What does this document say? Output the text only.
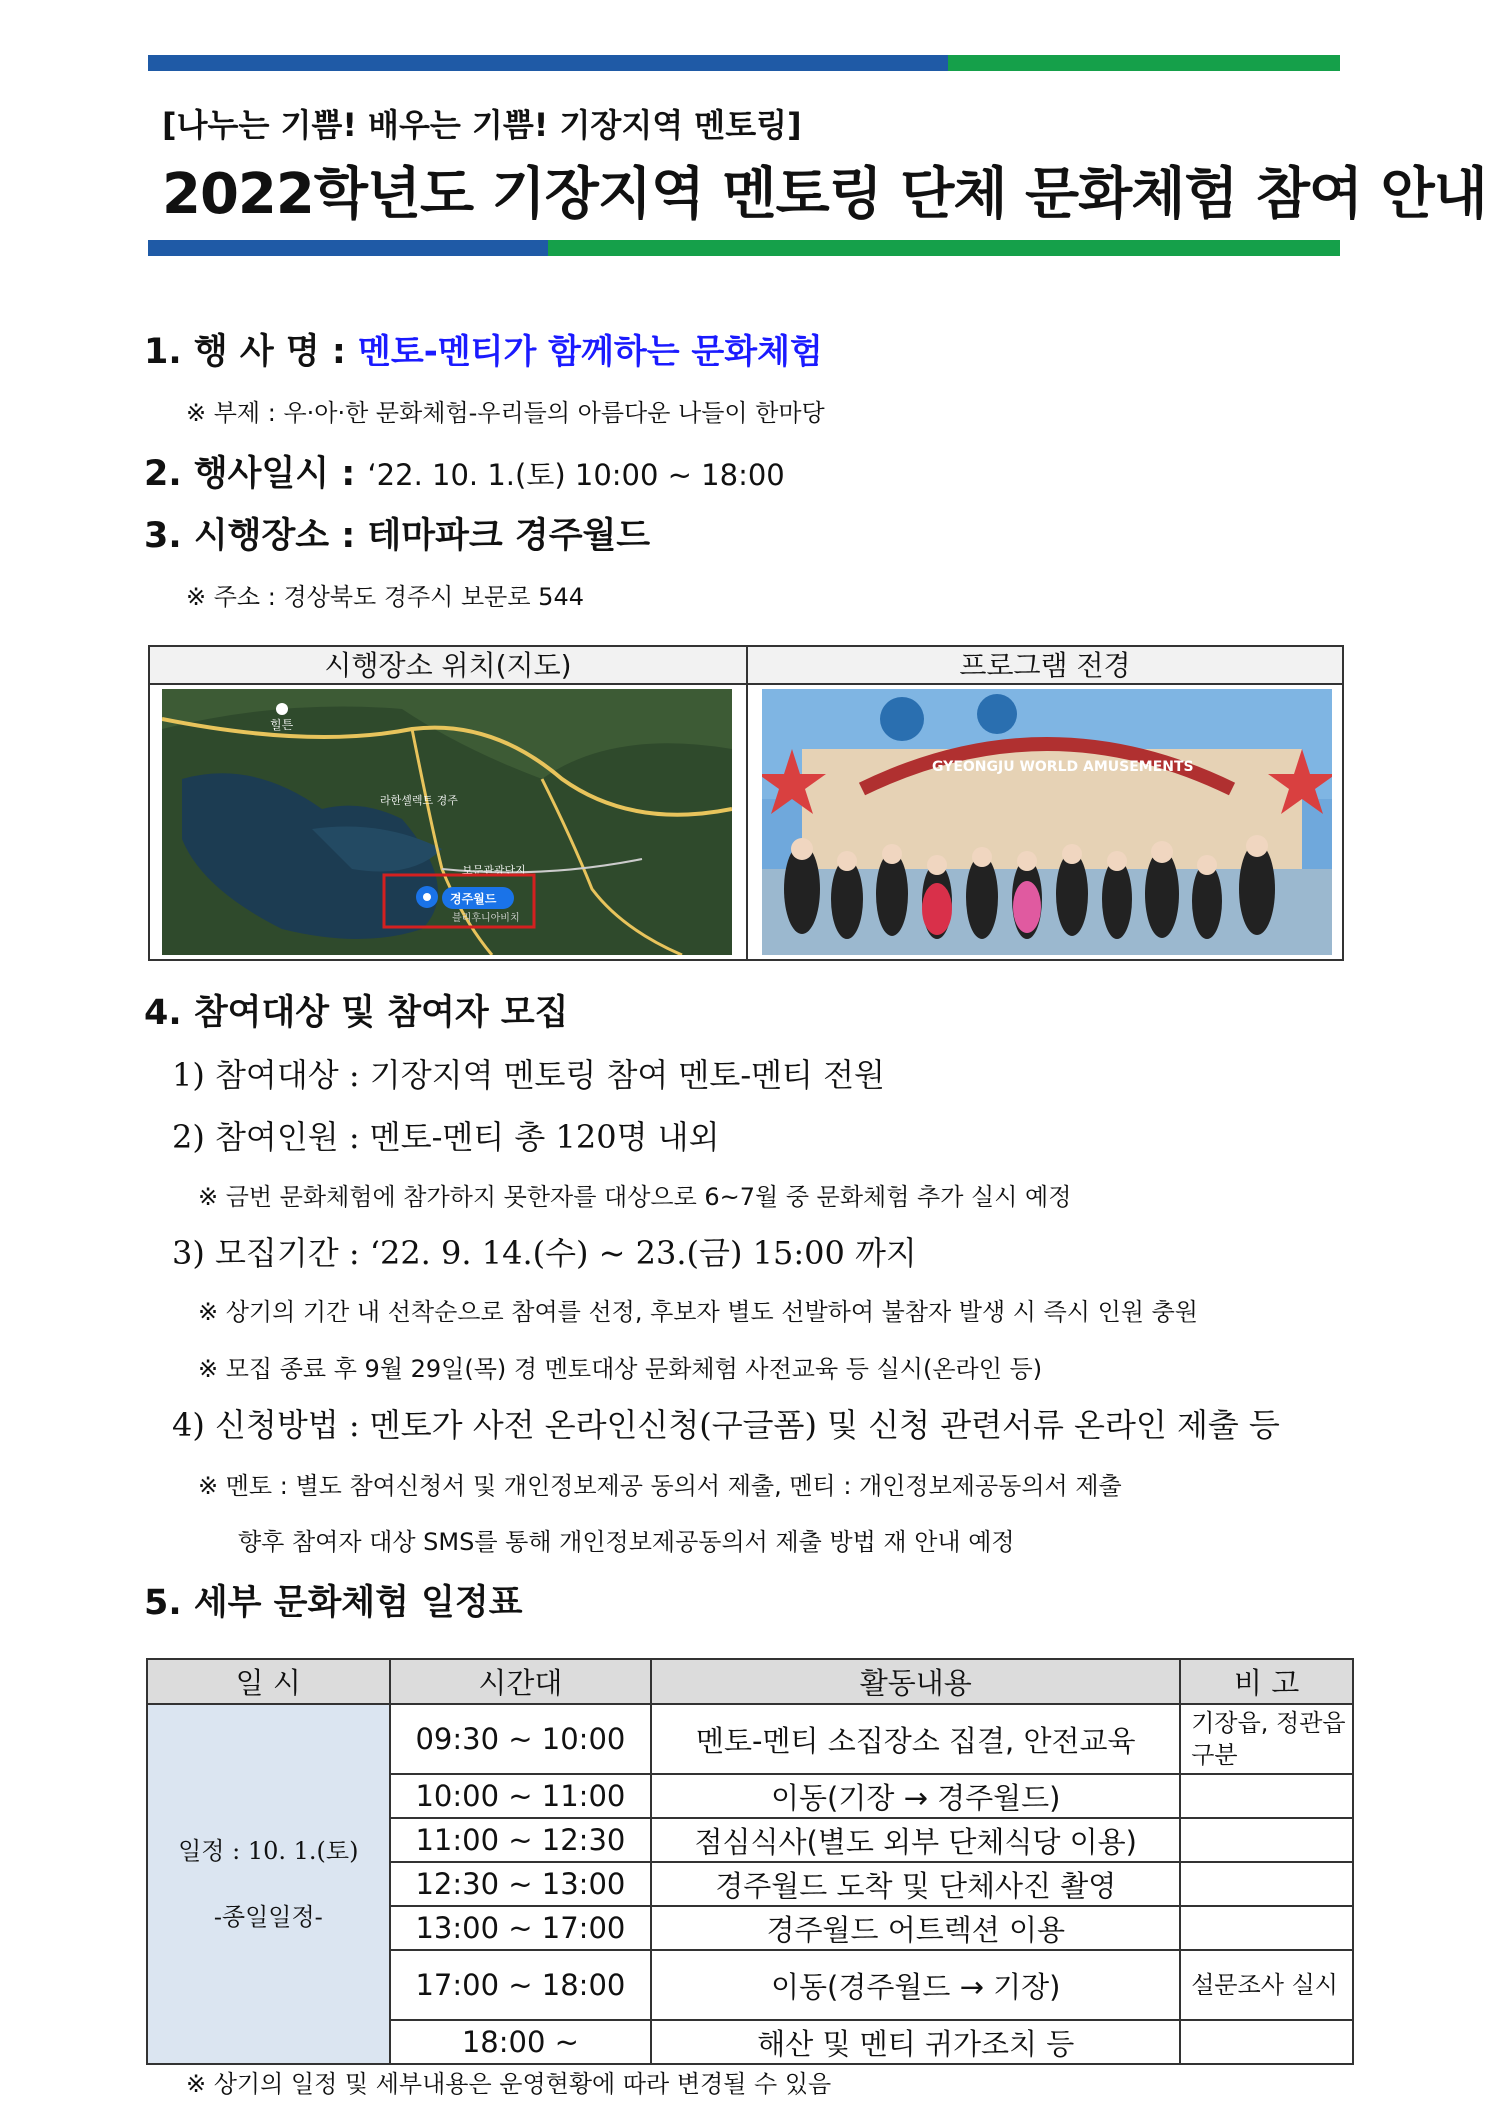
[나누는 기쁨! 배우는 기쁨! 기장지역 멘토링]
2022학년도 기장지역 멘토링 단체 문화체험 참여 안내
1. 행 사 명 : 멘토-멘티가 함께하는 문화체험
※ 부제 : 우·아·한 문화체험-우리들의 아름다운 나들이 한마당
2. 행사일시 : ‘22. 10. 1.(토) 10:00 ~ 18:00
3. 시행장소 : 테마파크 경주월드
※ 주소 : 경상북도 경주시 보문로 544
시행장소 위치(지도)	프로그램 전경
힐튼
라한셀렉트 경주
보문관광단지
경주월드
블리후니아비치
GYEONGJU WORLD AMUSEMENTS
4. 참여대상 및 참여자 모집
1) 참여대상 : 기장지역 멘토링 참여 멘토-멘티 전원
2) 참여인원 : 멘토-멘티 총 120명 내외
※ 금번 문화체험에 참가하지 못한자를 대상으로 6~7월 중 문화체험 추가 실시 예정
3) 모집기간 : ‘22. 9. 14.(수) ~ 23.(금) 15:00 까지
※ 상기의 기간 내 선착순으로 참여를 선정, 후보자 별도 선발하여 불참자 발생 시 즉시 인원 충원
※ 모집 종료 후 9월 29일(목) 경 멘토대상 문화체험 사전교육 등 실시(온라인 등)
4) 신청방법 : 멘토가 사전 온라인신청(구글폼) 및 신청 관련서류 온라인 제출 등
※ 멘토 : 별도 참여신청서 및 개인정보제공 동의서 제출, 멘티 : 개인정보제공동의서 제출
향후 참여자 대상 SMS를 통해 개인정보제공동의서 제출 방법 재 안내 예정
5. 세부 문화체험 일정표
일 시	시간대	활동내용	비 고

일정 : 10. 1.(토)
-종일일정-	09:30 ~ 10:00	멘토-멘티 소집장소 집결, 안전교육	기장읍, 정관읍 구분
	10:00 ~ 11:00	이동(기장 → 경주월드)	
	11:00 ~ 12:30	점심식사(별도 외부 단체식당 이용)	
	12:30 ~ 13:00	경주월드 도착 및 단체사진 촬영	
	13:00 ~ 17:00	경주월드 어트렉션 이용	
	17:00 ~ 18:00	이동(경주월드 → 기장)	설문조사 실시
	18:00 ~	해산 및 멘티 귀가조치 등	
※ 상기의 일정 및 세부내용은 운영현황에 따라 변경될 수 있음
